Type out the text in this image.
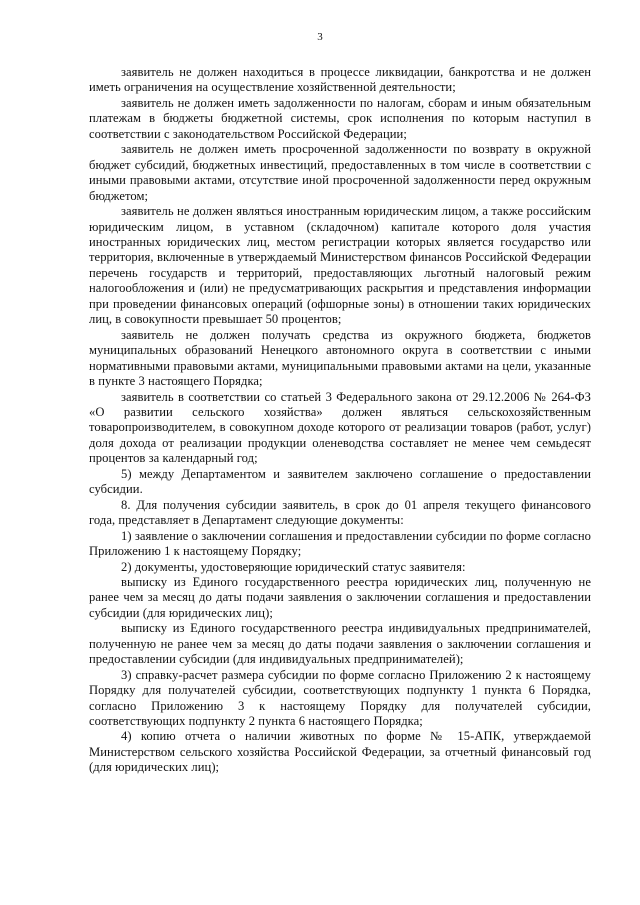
3

заявитель не должен находиться в процессе ликвидации, банкротства и не должен иметь ограничения на осуществление хозяйственной деятельности;

заявитель не должен иметь задолженности по налогам, сборам и иным обязательным платежам в бюджеты бюджетной системы, срок исполнения по которым наступил в соответствии с законодательством Российской Федерации;

заявитель не должен иметь просроченной задолженности по возврату в окружной бюджет субсидий, бюджетных инвестиций, предоставленных в том числе в соответствии с иными правовыми актами, отсутствие иной просроченной задолженности перед окружным бюджетом;

заявитель не должен являться иностранным юридическим лицом, а также российским юридическим лицом, в уставном (складочном) капитале которого доля участия иностранных юридических лиц, местом регистрации которых является государство или территория, включенные в утверждаемый Министерством финансов Российской Федерации перечень государств и территорий, предоставляющих льготный налоговый режим налогообложения и (или) не предусматривающих раскрытия и представления информации при проведении финансовых операций (офшорные зоны) в отношении таких юридических лиц, в совокупности превышает 50 процентов;

заявитель не должен получать средства из окружного бюджета, бюджетов муниципальных образований Ненецкого автономного округа в соответствии с иными нормативными правовыми актами, муниципальными правовыми актами на цели, указанные в пункте 3 настоящего Порядка;

заявитель в соответствии со статьей 3 Федерального закона от 29.12.2006 № 264-ФЗ «О развитии сельского хозяйства» должен являться сельскохозяйственным товаропроизводителем, в совокупном доходе которого от реализации товаров (работ, услуг) доля дохода от реализации продукции оленеводства составляет не менее чем семьдесят процентов за календарный год;

5) между Департаментом и заявителем заключено соглашение о предоставлении субсидии.

8. Для получения субсидии заявитель, в срок до 01 апреля текущего финансового года, представляет в Департамент следующие документы:

1) заявление о заключении соглашения и предоставлении субсидии по форме согласно Приложению 1 к настоящему Порядку;

2) документы, удостоверяющие юридический статус заявителя:

выписку из Единого государственного реестра юридических лиц, полученную не ранее чем за месяц до даты подачи заявления о заключении соглашения и предоставлении субсидии (для юридических лиц);

выписку из Единого государственного реестра индивидуальных предпринимателей, полученную не ранее чем за месяц до даты подачи заявления о заключении соглашения и предоставлении субсидии (для индивидуальных предпринимателей);

3) справку-расчет размера субсидии по форме согласно Приложению 2 к настоящему Порядку для получателей субсидии, соответствующих подпункту 1 пункта 6 Порядка, согласно Приложению 3 к настоящему Порядку для получателей субсидии, соответствующих подпункту 2 пункта 6 настоящего Порядка;

4) копию отчета о наличии животных по форме № 15-АПК, утверждаемой Министерством сельского хозяйства Российской Федерации, за отчетный финансовый год (для юридических лиц);
